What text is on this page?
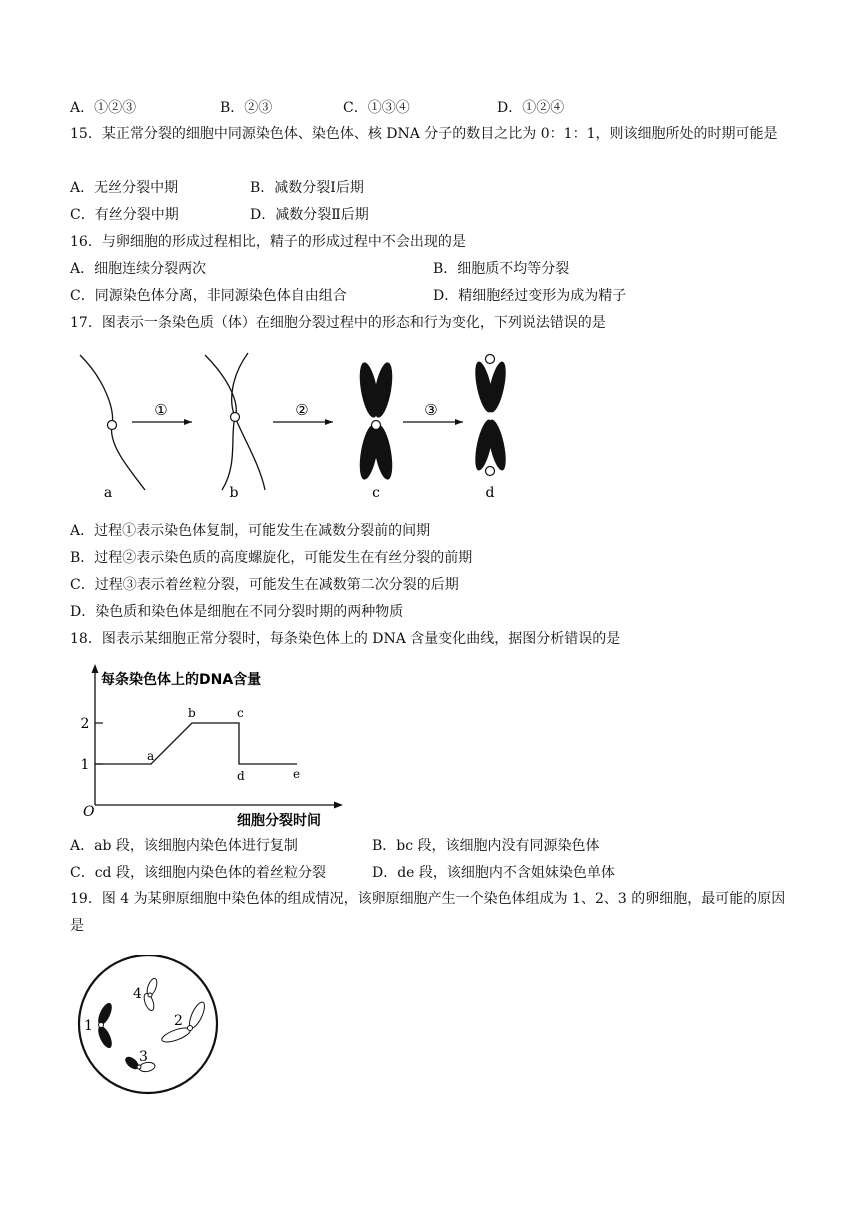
A．①②③	B．②③	C．①③④	D．①②④
15．某正常分裂的细胞中同源染色体、染色体、核 DNA 分子的数目之比为 0：1：1，则该细胞所处的时期可能是
A．无丝分裂中期	B．减数分裂Ⅰ后期
C．有丝分裂中期	D．减数分裂Ⅱ后期
16．与卵细胞的形成过程相比，精子的形成过程中不会出现的是
A．细胞连续分裂两次	B．细胞质不均等分裂
C．同源染色体分离，非同源染色体自由组合	D．精细胞经过变形为成为精子
17．图表示一条染色质（体）在细胞分裂过程中的形态和行为变化，下列说法错误的是
a
①
b
②
c
③
d
A．过程①表示染色体复制，可能发生在减数分裂前的间期
B．过程②表示染色质的高度螺旋化，可能发生在有丝分裂的前期
C．过程③表示着丝粒分裂，可能发生在减数第二次分裂的后期
D．染色质和染色体是细胞在不同分裂时期的两种物质
18．图表示某细胞正常分裂时，每条染色体上的 DNA 含量变化曲线，据图分析错误的是
每条染色体上的DNA含量
细胞分裂时间
O
1
2
a
b	c
d	e
A．ab 段，该细胞内染色体进行复制	B．bc 段，该细胞内没有同源染色体
C．cd 段，该细胞内染色体的着丝粒分裂	D．de 段，该细胞内不含姐妹染色单体
19．图 4 为某卵原细胞中染色体的组成情况，该卵原细胞产生一个染色体组成为 1、2、3 的卵细胞，最可能的原因是
1
4
2
3
